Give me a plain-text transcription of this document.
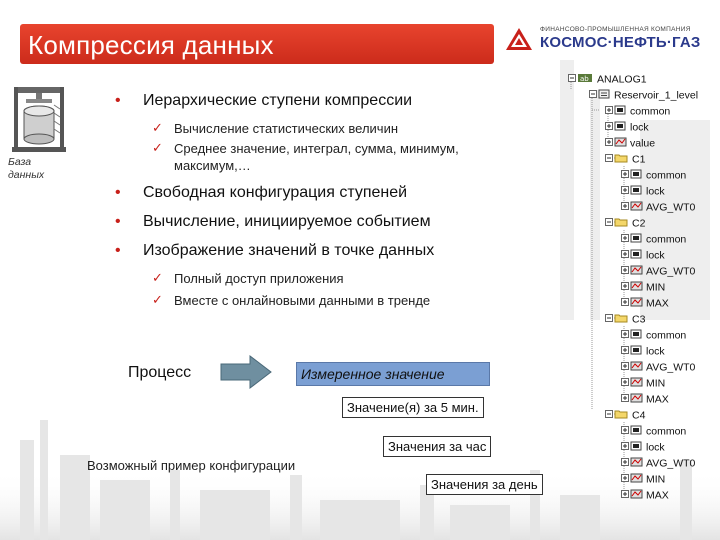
Компрессия данных
ФИНАНСОВО-ПРОМЫШЛЕННАЯ КОМПАНИЯ
КОСМОС·НЕФТЬ·ГАЗ
База данных
• Иерархические ступени компрессии
✓ Вычисление статистических величин
✓ Среднее значение, интеграл, сумма, минимум,
максимум,…
• Свободная конфигурация ступеней
• Вычисление, инициируемое событием
• Изображение значений в точке данных
✓ Полный доступ приложения
✓ Вместе с онлайновыми данными в тренде
Процесс	Измеренное значение
Значение(я) за 5 мин.
Значения за час
Значения за день
Возможный пример конфигурации
ab ANALOG1
Reservoir_1_level
common
lock
value
C1
common
lock
AVG_WT0
C2
common
lock
AVG_WT0
MIN
MAX
C3
common
lock
AVG_WT0
MIN
MAX
C4
common
lock
AVG_WT0
MIN
MAX
